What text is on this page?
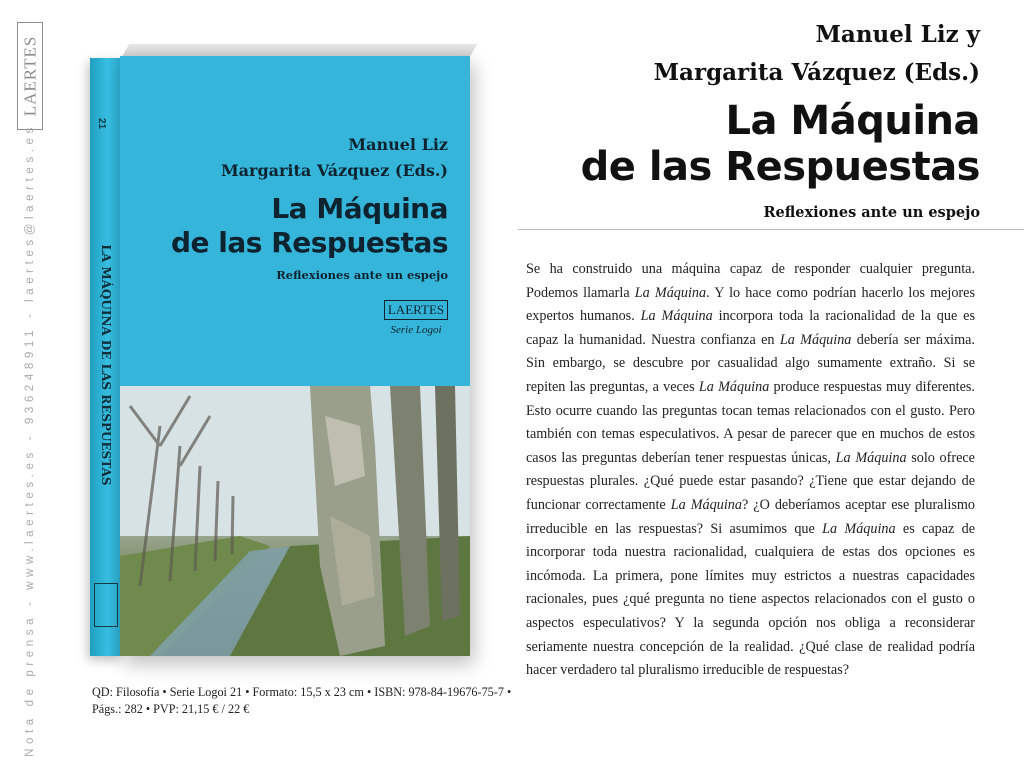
LAERTES
Nota de prensa - www.laertes.es - 936248911 - laertes@laertes.es	21
LA MÁQUINA DE LAS RESPUESTAS
Manuel Liz
Margarita Vázquez (Eds.)
La Máquina
de las Respuestas
Reflexiones ante un espejo
LAERTES
Serie Logoi
Manuel Liz y
Margarita Vázquez (Eds.)
La Máquina
de las Respuestas
Reflexiones ante un espejo

Se ha construido una máquina capaz de responder cualquier pregunta. Podemos llamarla La Máquina. Y lo hace como podrían hacerlo los mejores expertos humanos. La Máquina incorpora toda la racionalidad de la que es capaz la humanidad. Nuestra confianza en La Máquina debería ser máxima. Sin embargo, se descubre por casualidad algo sumamente extraño. Si se repiten las preguntas, a veces La Máquina produce respuestas muy diferentes. Esto ocurre cuando las preguntas tocan temas relacionados con el gusto. Pero también con temas especulativos. A pesar de parecer que en muchos de estos casos las preguntas deberían tener respuestas únicas, La Máquina solo ofrece respuestas plurales. ¿Qué puede estar pasando? ¿Tiene que estar dejando de funcionar correctamente La Máquina? ¿O deberíamos aceptar ese pluralismo irreducible en las respuestas? Si asumimos que La Máquina es capaz de incorporar toda nuestra racionalidad, cualquiera de estas dos opciones es incómoda. La primera, pone límites muy estrictos a nuestras capacidades racionales, pues ¿qué pregunta no tiene aspectos relacionados con el gusto o aspectos especulativos? Y la segunda opción nos obliga a reconsiderar seriamente nuestra concepción de la realidad. ¿Qué clase de realidad podría hacer verdadero tal pluralismo irreducible de respuestas?

QD: Filosofía • Serie Logoi 21 • Formato: 15,5 x 23 cm • ISBN: 978-84-19676-75-7 • Págs.: 282 • PVP: 21,15 € / 22 €
